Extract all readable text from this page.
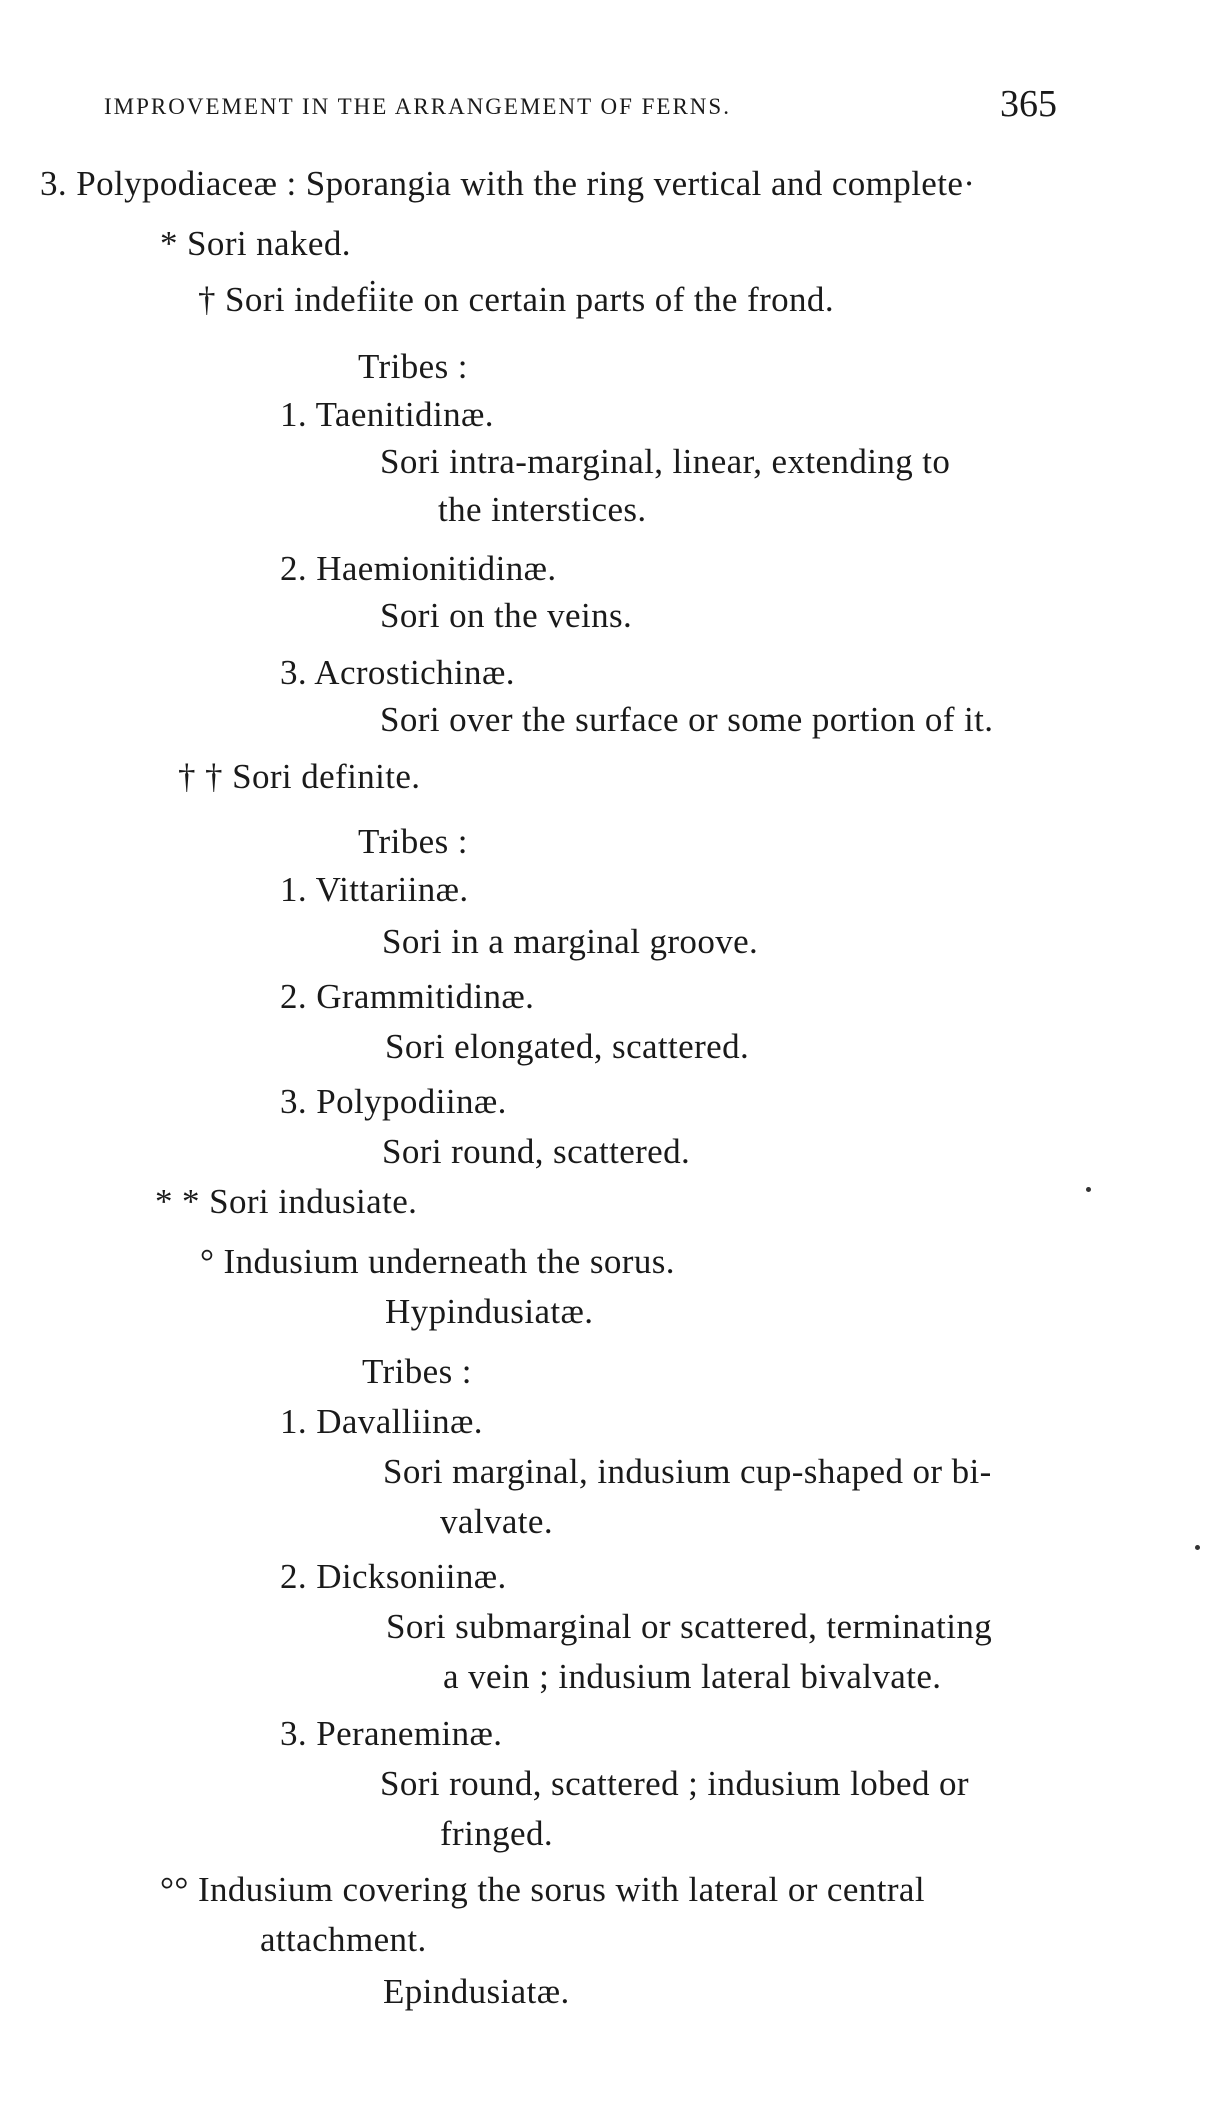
IMPROVEMENT IN THE ARRANGEMENT OF FERNS.	365
3. Polypodiaceæ : Sporangia with the ring vertical and complete·
* Sori naked.
† Sori indefi̇ite on certain parts of the frond.
Tribes :
1. Taenitidinæ.
Sori intra-marginal, linear, extending to
the interstices.
2. Haemionitidinæ.
Sori on the veins.
3. Acrostichinæ.
Sori over the surface or some portion of it.
† † Sori definite.
Tribes :
1. Vittariinæ.
Sori in a marginal groove.
2. Grammitidinæ.
Sori elongated, scattered.
3. Polypodiinæ.
Sori round, scattered.
* * Sori indusiate.
° Indusium underneath the sorus.
Hypindusiatæ.
Tribes :
1. Davalliinæ.
Sori marginal, indusium cup-shaped or bi-
valvate.
2. Dicksoniinæ.
Sori submarginal or scattered, terminating
a vein ; indusium lateral bivalvate.
3. Peraneminæ.
Sori round, scattered ; indusium lobed or
fringed.
°° Indusium covering the sorus with lateral or central
attachment.
Epindusiatæ.
